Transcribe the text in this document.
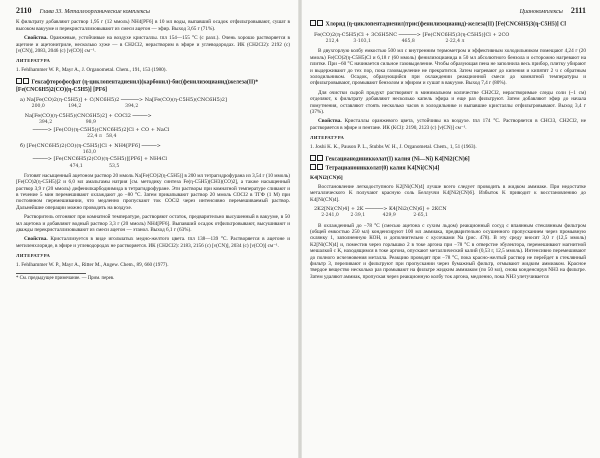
2110 Глава 33. Металлоорганические комплексы

К фильтрату добавляют раствор 1,95 г (12 ммоль) NH4[PF6] в 10 мл воды, выпавший осадок отфильтровывают, сушат в высоком вакууме и перекристаллизовывают из смеси ацетон — эфир. Выход 3,65 г (71%).

Свойства. Оранжевые, устойчивые на воздухе кристаллы. tпл 154—155 °С (с разл.). Очень хорошо растворяется в ацетоне и ацетонитриле, несколько хуже — в CH2Cl2, нерастворим в эфире и углеводородах. ИК (CH2Cl2): 2192 (с) [ν(CN)], 2083, 2046 (с) [ν(CO)] см⁻¹.

ЛИТЕРАТУРА

1. Fehlhammer W. P., Mayr A., J. Organometal. Chem., 191, 153 (1980).

Гексафторофосфат (η-циклопентадиенил)(карбонил)-бис(фенилизоцианид)железа(II)*
[Fe(CNC6H5)2(CO)(η-C5H5)] [PF6]
a) Na[Fe(CO)2(η-C5H5)] + C(NC6H5)2 ──────> Na[Fe(CO)(η-C5H5)(CNC6H5)2]
200,0                194,2                              394,2
Na[Fe(CO)(η-C5H5)(CNC6H5)2] + COCl2 ─────>
394,2                       98,9
─────> [Fe(CO)(η-C5H5)(CNC6H5)2]Cl + CO + NaCl
22,4 л   58,4
б) [Fe(CNC6H5)2(CO)(η-C5H5)]Cl + NH4[PF6] ─────>
163,0
─────> [Fe(CNC6H5)2(CO)(η-C5H5)][PF6] + NH4Cl
474,1                  53,5

Готовят насыщенный ацетоном раствор 20 ммоль Na[Fe(CO)2(η-C5H5)] в 200 мл тетрагидрофурана из 3,54 г (10 ммоль) [Fe(CO)2(η-C5H5)]2 и 6,0 мл амальгамы натрия [см. методику синтеза Fe(η-C5H5)(CH3)(CO)2], а также насыщенный раствор 3,9 г (20 ммоль) дифенилкарбодиимида в тетрагидрофуране. Эти растворы при комнатной температуре сливают и в течение 5 мин перемешивают охлаждают до −80 °С. Затем прикапывают раствор 20 ммоль COCl2 в ТГФ (1 М) при постоянном перемешивании, что медленно пропускают ток COCl2 через интенсивно перемешиваемый раствор. Дальнейшие операции можно проводить на воздухе.

Растворитель отгоняют при комнатной температуре, растворяют остаток, предварительно высушенный в вакууме, в 50 мл ацетона и добавляют водный раствор 3,3 г (20 ммоль) NH4[PF6]. Выпавший осадок отфильтровывают, высушивают и дважды перекристаллизовывают из смеси ацетон — этанол. Выход 6,1 г (63%).

Свойства. Кристаллизуется в виде игольчатых медно-желтого цвета. tпл 138—139 °С. Растворяется в ацетоне и метиленхлориде, в эфире и углеводородах не растворяется. ИК (CH2Cl2): 2183, 2156 (с) [ν(CN)], 2034 (с) [ν(CO)] см⁻¹.

ЛИТЕРАТУРА

1. Fehlhammer W. P., Mayr A., Ritter M., Angew. Chem., 89, 660 (1977).

* См. предыдущее примечание. — Прим. перев.

Цианокомплексы 2111
Хлорид (η-циклопентадиенил)трис(фенилизоцианид)-железа(II) [Fe(CNC6H5)3(η-C5H5)] Cl
Fe(CO)2(η-C5H5)Cl + 3C6H5NC ──────> [Fe(CNC6H5)3(η-C5H5)]Cl + 2CO
212,4          3·103,1                     465,8                     2·22,4 л

В двухгорлую колбу емкостью 500 мл с внутренним термометром и эффективным холодильником помещают 4,24 г (20 ммоль) Fe(CO)2(η-C5H5)Cl и 6,18 г (60 ммоль) фенилизоцианида в 50 мл абсолютного бензола и осторожно нагревают на плитке. При ~60 °С начинается сильное газовыделение. Чтобы образующая пена не заполнила весь прибор, плитку убирают и выдерживают до тех пор, пока газовыделение не прекратится. Затем нагревают до кипения и кипятят 2 ч с обратным холодильником. Осадок, образующийся при охлаждении реакционной смеси до комнатной температуры и отфильтровывают, промывают бензолом и эфиром и сушат в вакууме. Выход 7,4 г (80%).

Для очистки сырой продукт растворяют в минимальном количестве CH2Cl2, нерастворимые следы соли (~1 см) отделяют, к фильтрату добавляют несколько капель эфира и еще раз фильтруют. Затем добавляют эфир до начала помутнения, оставляют стоять несколько часов в холодильнике и выпавшие кристаллы отфильтровывают. Выход 3,4 г (37%).

Свойства. Кристаллы оранжевого цвета, устойчивы на воздухе. tпл 174 °С. Растворяется в CHCl3, CH2Cl2, не растворяется в эфире и пентане. ИК (KCl): 2190, 2123 (с) [ν(CN)] см⁻¹.

ЛИТЕРАТУРА

1. Joshi K. K., Pauson P. L., Stubbs W. H., J. Organometal. Chem., 1, 51 (1963).

Гексацианодиникколат(I) калия (Ni—Ni) K4[Ni2(CN)6]
Тетрацианоникколат(0) калия K4[Ni(CN)4]
K4[Ni2(CN)6]

Восстановление легкодоступного K2[Ni(CN)4] лучше всего следует проводить в жидком аммиаке. При недостатке металлического K получают красную соль Беллуччи K4[Ni2(CN)6]. Избыток K приводит к восстановлению до K4[Ni(CN)4].

2K2[Ni(CN)4] + 2K ──────> K4[Ni2(CN)6] + 2KCN
2·241,0        2·39,1            429,9            2·65,1

В охлажденный до −78 °С (смесью ацетона с сухим льдом) реакционный сосуд с впаянным стеклянным фильтром (общей емкостью 250 мл) конденсируют 100 мл аммиака, предварительно осушенного пропусканием через промывную склянку 1, заполненную КОН, и дополнительно с кусочками Na (рис. 478). В эту среду вносят 3,0 г (12,5 ммоль) K2[Ni(CN)4] и, поместив через горлышко 2 в токе аргона при −78 °С в отверстие эбулектора, перемешивают магнитной мешалкой с K, находящимся в токе аргона, опускают металлический калий (0,53 г, 12,5 ммоль). Интенсивно перемешивают до полного исчезновения металла. Реакцию проводят при −78 °С, пока красно-желтый раствор не перейдет в стеклянный фильтр 3, переливают и фильтруют при пропускании через бумажный фильтр, отмывают жидким аммиаком. Красное твердое вещество несколько раз промывают на фильтре жидким аммиаком (по 50 мл), снова конденсируя NH3 на фильтре. Затем удаляют аммиак, пропуская через реакционную колбу ток аргона, медленно, пока NH3 улетучивается
